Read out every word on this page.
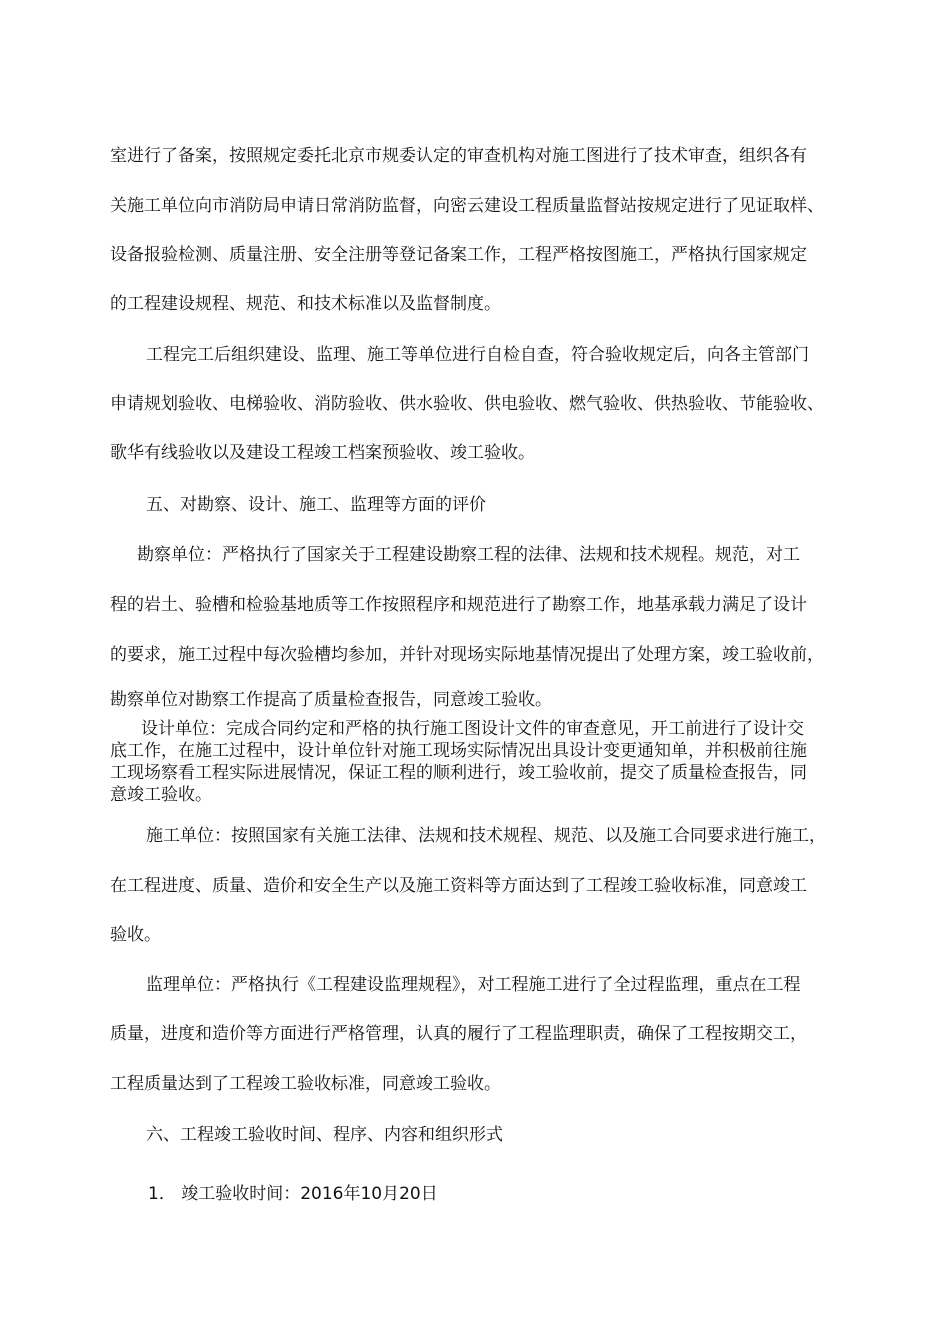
室进行了备案，按照规定委托北京市规委认定的审查机构对施工图进行了技术审查，组织各有
关施工单位向市消防局申请日常消防监督，向密云建设工程质量监督站按规定进行了见证取样、
设备报验检测、质量注册、安全注册等登记备案工作，工程严格按图施工，严格执行国家规定
的工程建设规程、规范、和技术标准以及监督制度。
工程完工后组织建设、监理、施工等单位进行自检自查，符合验收规定后，向各主管部门
申请规划验收、电梯验收、消防验收、供水验收、供电验收、燃气验收、供热验收、节能验收、
歌华有线验收以及建设工程竣工档案预验收、竣工验收。
五、对勘察、设计、施工、监理等方面的评价
勘察单位：严格执行了国家关于工程建设勘察工程的法律、法规和技术规程。规范，对工
程的岩土、验槽和检验基地质等工作按照程序和规范进行了勘察工作，地基承载力满足了设计
的要求，施工过程中每次验槽均参加，并针对现场实际地基情况提出了处理方案，竣工验收前，
勘察单位对勘察工作提高了质量检查报告，同意竣工验收。
设计单位：完成合同约定和严格的执行施工图设计文件的审查意见，开工前进行了设计交
底工作，在施工过程中，设计单位针对施工现场实际情况出具设计变更通知单，并积极前往施
工现场察看工程实际进展情况，保证工程的顺利进行，竣工验收前，提交了质量检查报告，同
意竣工验收。
施工单位：按照国家有关施工法律、法规和技术规程、规范、以及施工合同要求进行施工，
在工程进度、质量、造价和安全生产以及施工资料等方面达到了工程竣工验收标准，同意竣工
验收。
监理单位：严格执行《工程建设监理规程》，对工程施工进行了全过程监理，重点在工程
质量，进度和造价等方面进行严格管理，认真的履行了工程监理职责，确保了工程按期交工，
工程质量达到了工程竣工验收标准，同意竣工验收。
六、工程竣工验收时间、程序、内容和组织形式
1． 竣工验收时间：2016年10月20日
